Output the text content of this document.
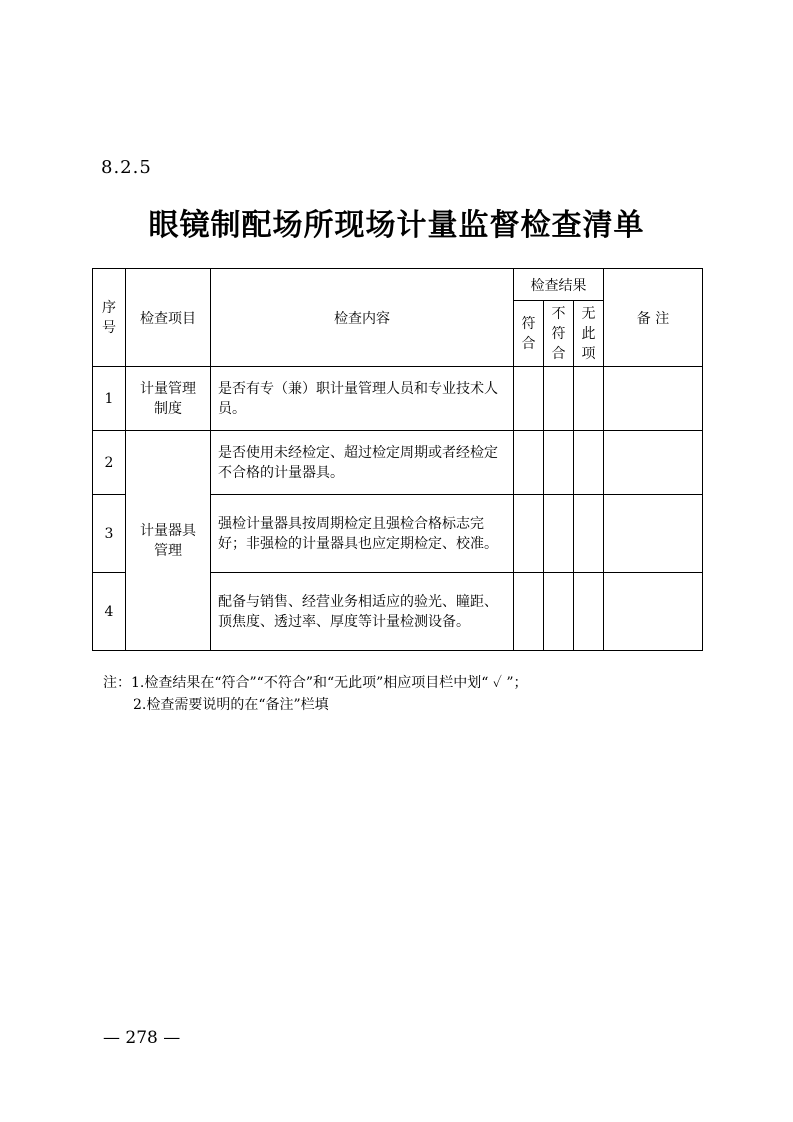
8.2.5
眼镜制配场所现场计量监督检查清单
序号	检查项目	检查内容	检查结果			备 注
			符合	不符合	无此项	
1	计量管理制度	是否有专（兼）职计量管理人员和专业技术人员。				
2	计量器具管理	是否使用未经检定、超过检定周期或者经检定不合格的计量器具。				
3		强检计量器具按周期检定且强检合格标志完好；非强检的计量器具也应定期检定、校准。				
4		配备与销售、经营业务相适应的验光、瞳距、顶焦度、透过率、厚度等计量检测设备。				
注：1.检查结果在“符合”“不符合”和“无此项”相应项目栏中划“ ✓ ”；
2.检查需要说明的在“备注”栏填
— 278 —
